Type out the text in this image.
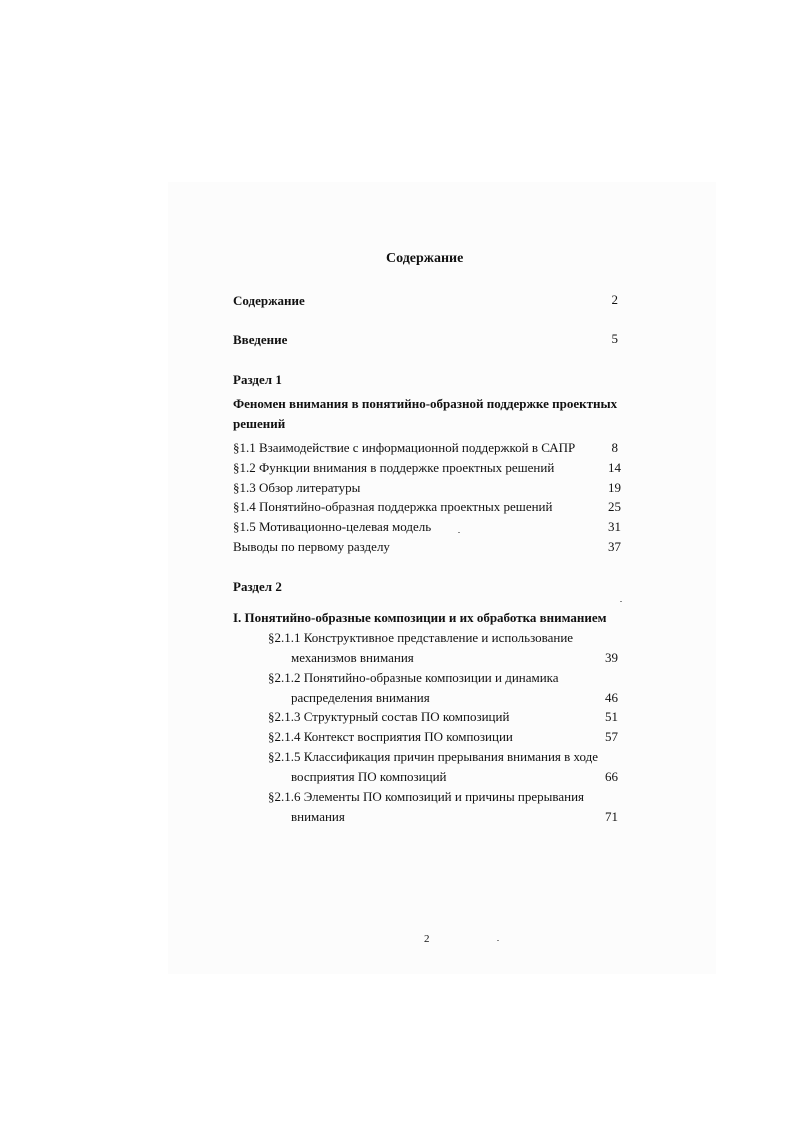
Содержание
Содержание	2
Введение	5
Раздел 1
Феномен внимания в понятийно-образной поддержке проектных
решений
§1.1 Взаимодействие с информационной поддержкой в САПР	8
§1.2 Функции внимания в поддержке проектных решений	14
§1.3 Обзор литературы	19
§1.4 Понятийно-образная поддержка проектных решений	25
§1.5 Мотивационно-целевая модель	31
Выводы по первому разделу	37
Раздел 2
I. Понятийно-образные композиции и их обработка вниманием
§2.1.1 Конструктивное представление и использование
механизмов внимания	39
§2.1.2 Понятийно-образные композиции и динамика
распределения внимания	46
§2.1.3 Структурный состав ПО композиций	51
§2.1.4 Контекст восприятия ПО композиции	57
§2.1.5 Классификация причин прерывания внимания в ходе
восприятия ПО композиций	66
§2.1.6 Элементы ПО композиций и причины прерывания
внимания	71
2
